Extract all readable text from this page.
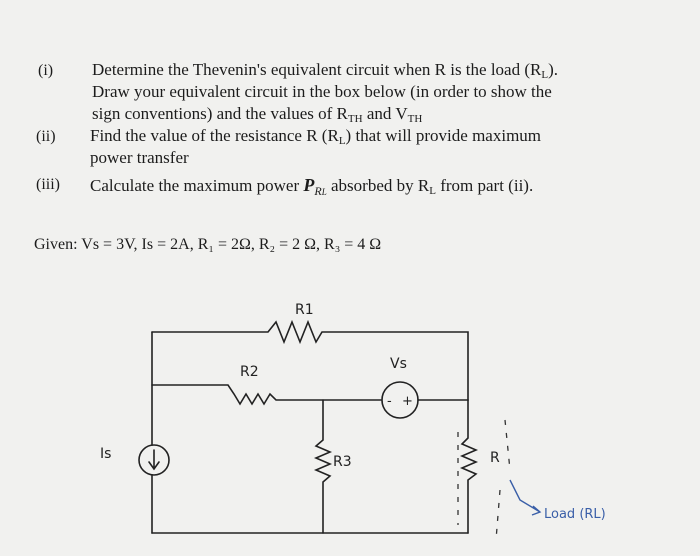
(i) Determine the Thevenin's equivalent circuit when R is the load (RL).
Draw your equivalent circuit in the box below (in order to show the
sign conventions) and the values of RTH and VTH
(ii) Find the value of the resistance R (RL) that will provide maximum
power transfer
(iii) Calculate the maximum power $P_{RL}$ absorbed by RL from part (ii).
Given: Vs = 3V, Is = 2A, R₁ = 2Ω, R₂ = 2 Ω, R₃ = 4 Ω
R1
R2	Vs
R3
Is	R
- +
Load (RL)
